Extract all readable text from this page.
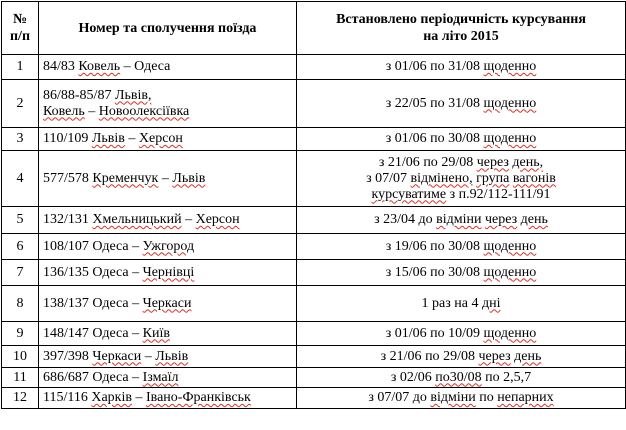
№
п/п	Номер та сполучення поїзда	Встановлено періодичність курсування
на літо 2015

1	84/83 Ковель – Одеса	з 01/06 по 31/08 щоденно

2	86/88-85/87 Львів,
Ковель – Новоолексіївка	з 22/05 по 31/08 щоденно

3	110/109 Львів – Херсон	з 01/06 по 30/08 щоденно

4	577/578 Кременчук – Львів	з 21/06 по 29/08 через день,
з 07/07 відмінено, група вагонів
курсуватиме з п.92/112-111/91

5	132/131 Хмельницький – Херсон	з 23/04 до відміни через день

6	108/107 Одеса – Ужгород	з 19/06 по 30/08 щоденно

7	136/135 Одеса – Чернівці	з 15/06 по 30/08 щоденно

8	138/137 Одеса – Черкаси	1 раз на 4 дні

9	148/147 Одеса – Київ	з 01/06 по 10/09 щоденно

10	397/398 Черкаси – Львів	з 21/06 по 29/08 через день

11	686/687 Одеса – Ізмаїл	з 02/06 по30/08 по 2,5,7

12	115/116 Харків – Івано-Франківськ	з 07/07 до відміни по непарних
